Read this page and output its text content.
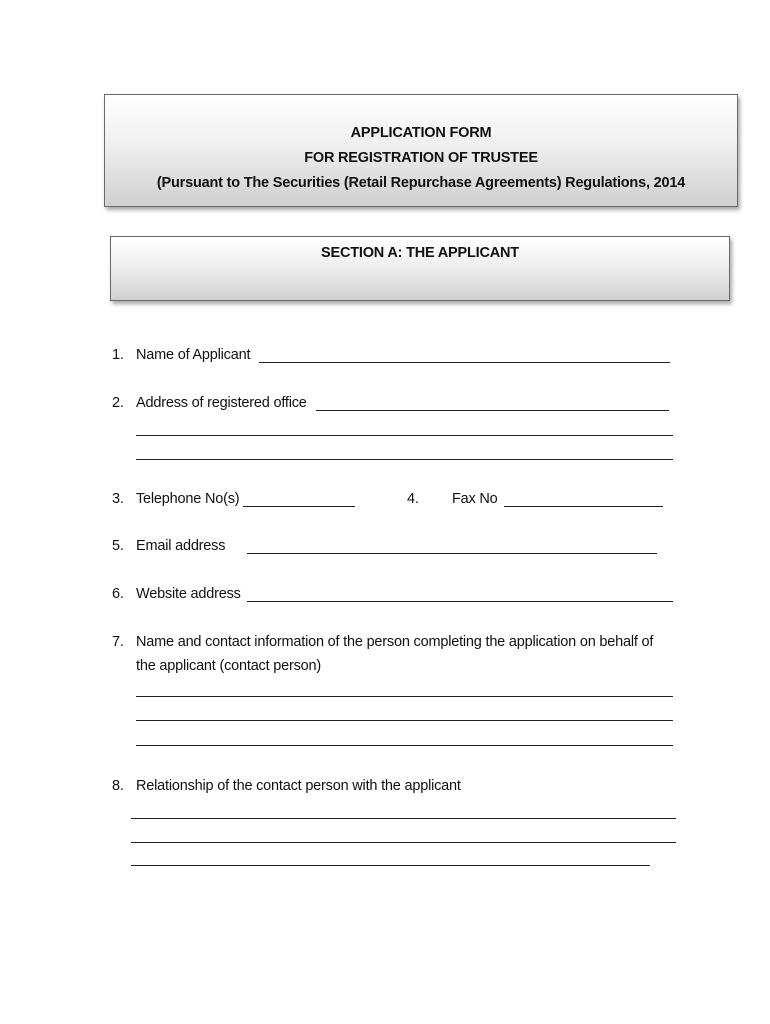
APPLICATION FORM
FOR REGISTRATION OF TRUSTEE
(Pursuant to The Securities (Retail Repurchase Agreements) Regulations, 2014
SECTION A: THE APPLICANT
1. Name of Applicant
2. Address of registered office
3. Telephone No(s)	4. Fax No
5. Email address
6. Website address
7. Name and contact information of the person completing the application on behalf of
the applicant (contact person)
8. Relationship of the contact person with the applicant
